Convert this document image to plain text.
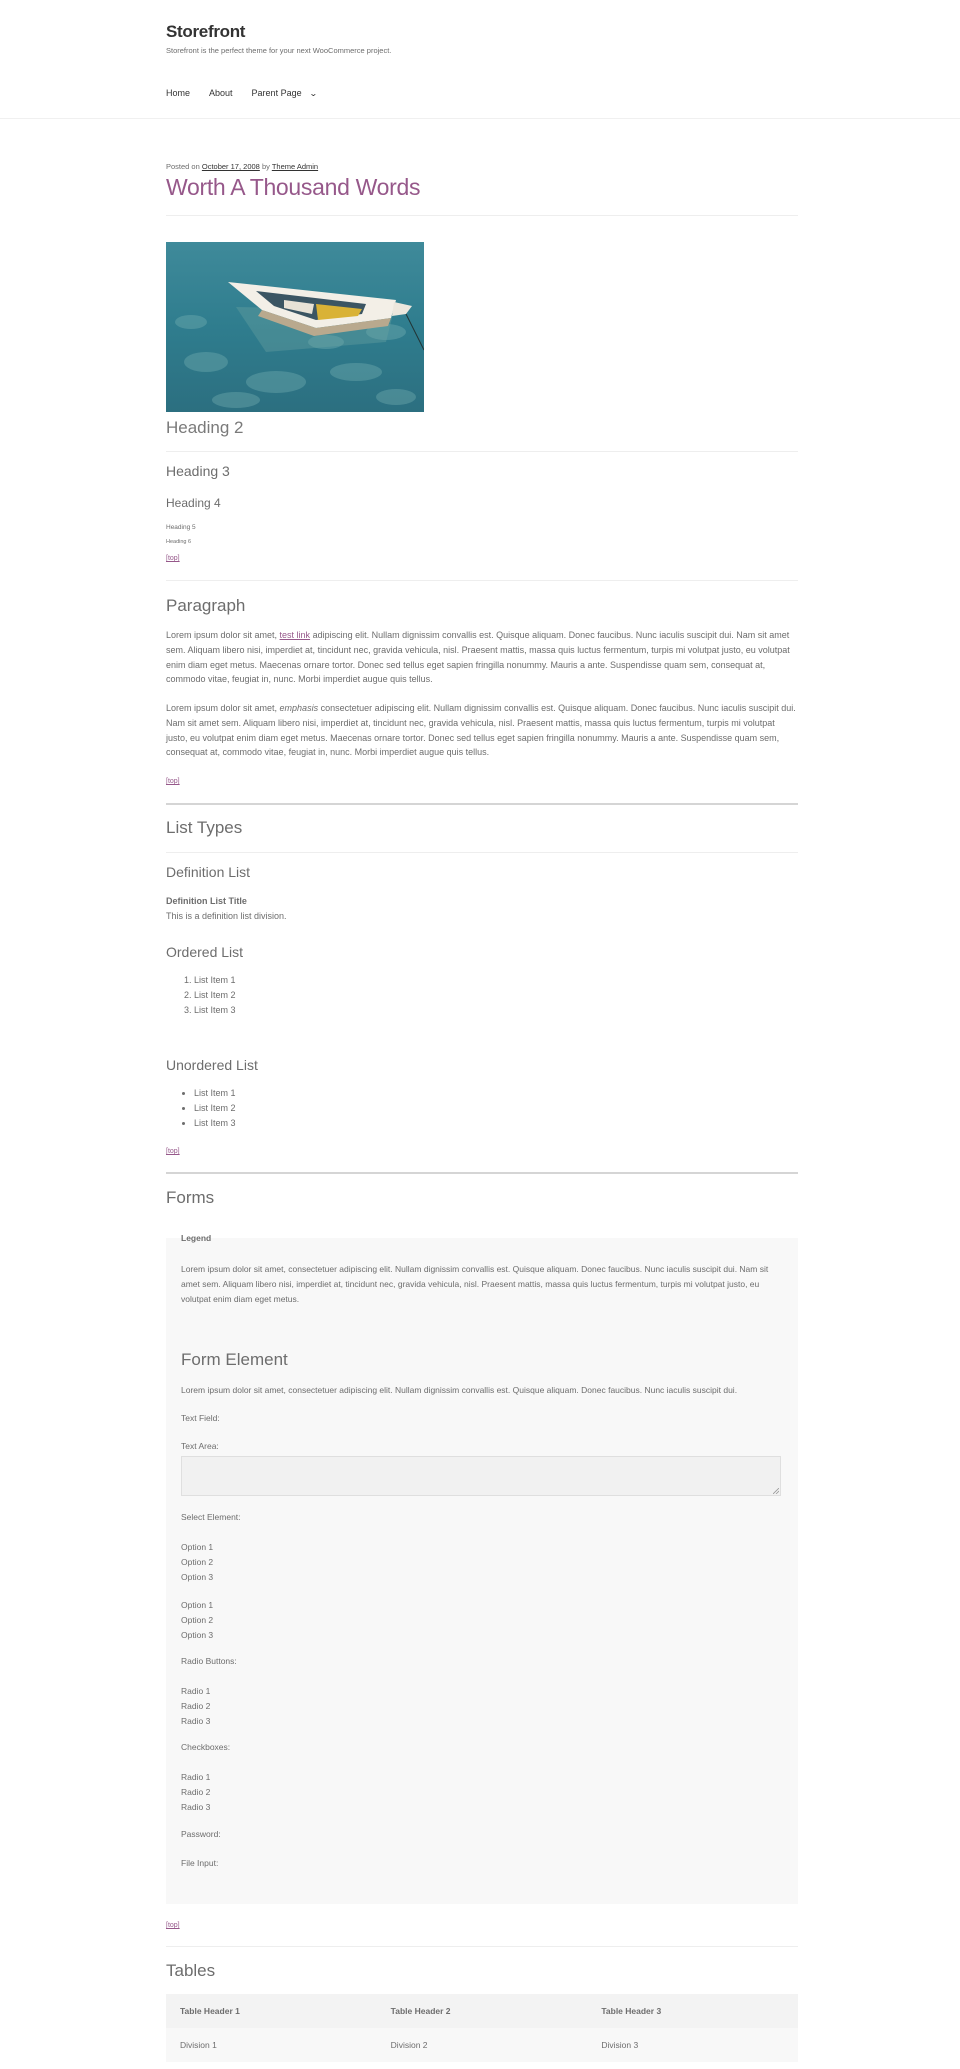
Storefront
Storefront is the perfect theme for your next WooCommerce project.
Home About Parent Page ⌄
Posted on October 17, 2008 by Theme Admin
Worth A Thousand Words
Heading 2
Heading 3
Heading 4
Heading 5
Heading 6
[top]
Paragraph

Lorem ipsum dolor sit amet, test link adipiscing elit. Nullam dignissim convallis est. Quisque aliquam. Donec faucibus. Nunc iaculis suscipit dui. Nam sit amet sem. Aliquam libero nisi, imperdiet at, tincidunt nec, gravida vehicula, nisl. Praesent mattis, massa quis luctus fermentum, turpis mi volutpat justo, eu volutpat enim diam eget metus. Maecenas ornare tortor. Donec sed tellus eget sapien fringilla nonummy. Mauris a ante. Suspendisse quam sem, consequat at, commodo vitae, feugiat in, nunc. Morbi imperdiet augue quis tellus.

Lorem ipsum dolor sit amet, emphasis consectetuer adipiscing elit. Nullam dignissim convallis est. Quisque aliquam. Donec faucibus. Nunc iaculis suscipit dui. Nam sit amet sem. Aliquam libero nisi, imperdiet at, tincidunt nec, gravida vehicula, nisl. Praesent mattis, massa quis luctus fermentum, turpis mi volutpat justo, eu volutpat enim diam eget metus. Maecenas ornare tortor. Donec sed tellus eget sapien fringilla nonummy. Mauris a ante. Suspendisse quam sem, consequat at, commodo vitae, feugiat in, nunc. Morbi imperdiet augue quis tellus.

[top]
List Types
Definition List
Definition List Title
This is a definition list division.
Ordered List
1. List Item 1
2. List Item 2
3. List Item 3
Unordered List
• List Item 1
• List Item 2
• List Item 3
[top]
Forms
Legend

Lorem ipsum dolor sit amet, consectetuer adipiscing elit. Nullam dignissim convallis est. Quisque aliquam. Donec faucibus. Nunc iaculis suscipit dui. Nam sit amet sem. Aliquam libero nisi, imperdiet at, tincidunt nec, gravida vehicula, nisl. Praesent mattis, massa quis luctus fermentum, turpis mi volutpat justo, eu volutpat enim diam eget metus.

Form Element

Lorem ipsum dolor sit amet, consectetuer adipiscing elit. Nullam dignissim convallis est. Quisque aliquam. Donec faucibus. Nunc iaculis suscipit dui.

Text Field:
Text Area:
Select Element:
Option 1
Option 2
Option 3
Option 1
Option 2
Option 3
Radio Buttons:
Radio 1
Radio 2
Radio 3
Checkboxes:
Radio 1
Radio 2
Radio 3
Password:
File Input:
[top]
Tables
Table Header 1	Table Header 2	Table Header 3
Division 1	Division 2	Division 3
